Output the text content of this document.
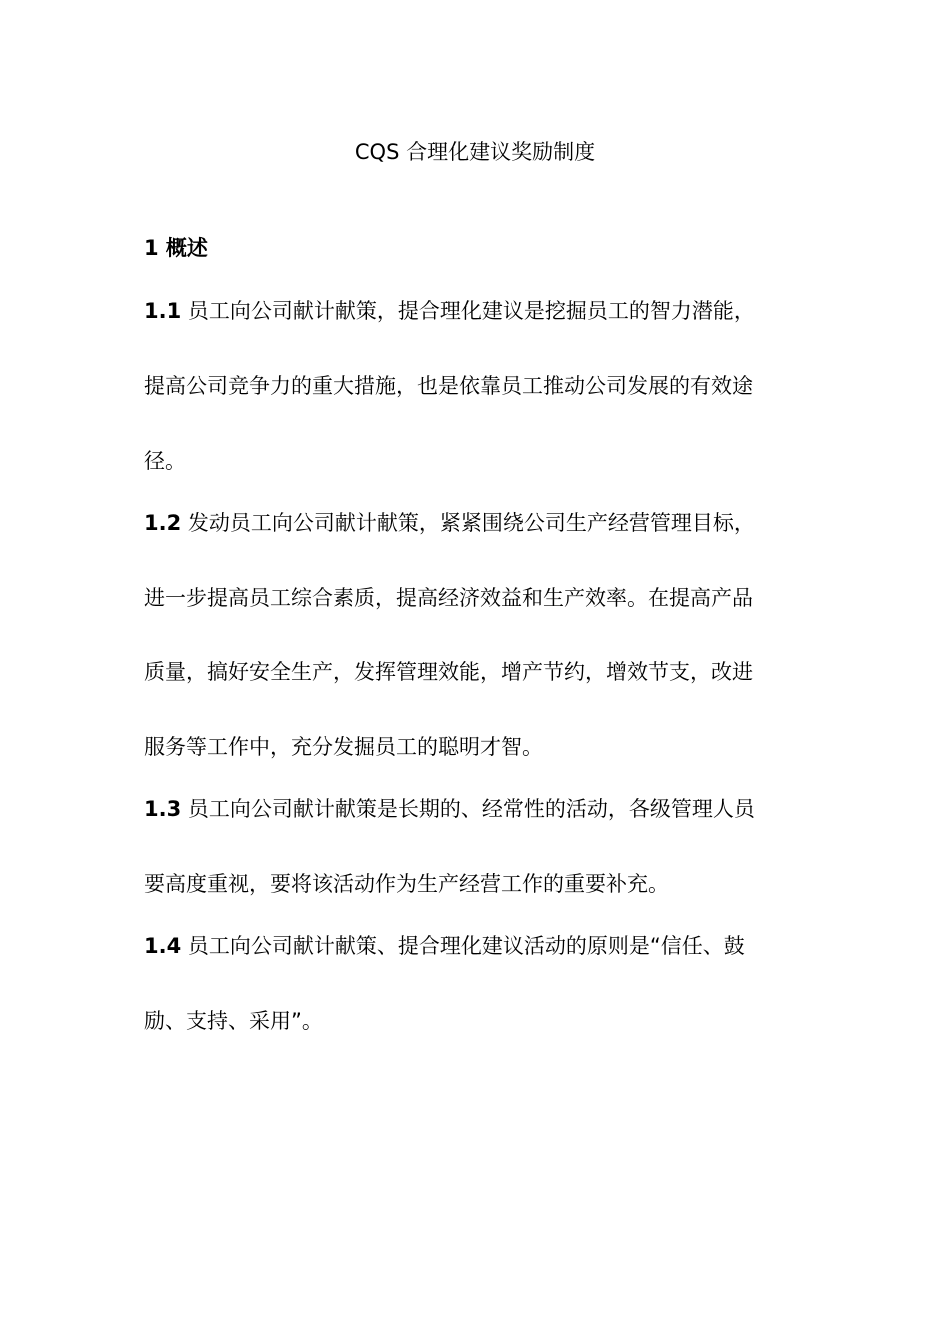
CQS 合理化建议奖励制度
1 概述
1.1 员工向公司献计献策，提合理化建议是挖掘员工的智力潜能，
提高公司竞争力的重大措施，也是依靠员工推动公司发展的有效途
径。
1.2 发动员工向公司献计献策，紧紧围绕公司生产经营管理目标，
进一步提高员工综合素质，提高经济效益和生产效率。在提高产品
质量，搞好安全生产，发挥管理效能，增产节约，增效节支，改进
服务等工作中，充分发掘员工的聪明才智。
1.3 员工向公司献计献策是长期的、经常性的活动，各级管理人员
要高度重视，要将该活动作为生产经营工作的重要补充。
1.4 员工向公司献计献策、提合理化建议活动的原则是“信任、鼓
励、支持、采用”。
